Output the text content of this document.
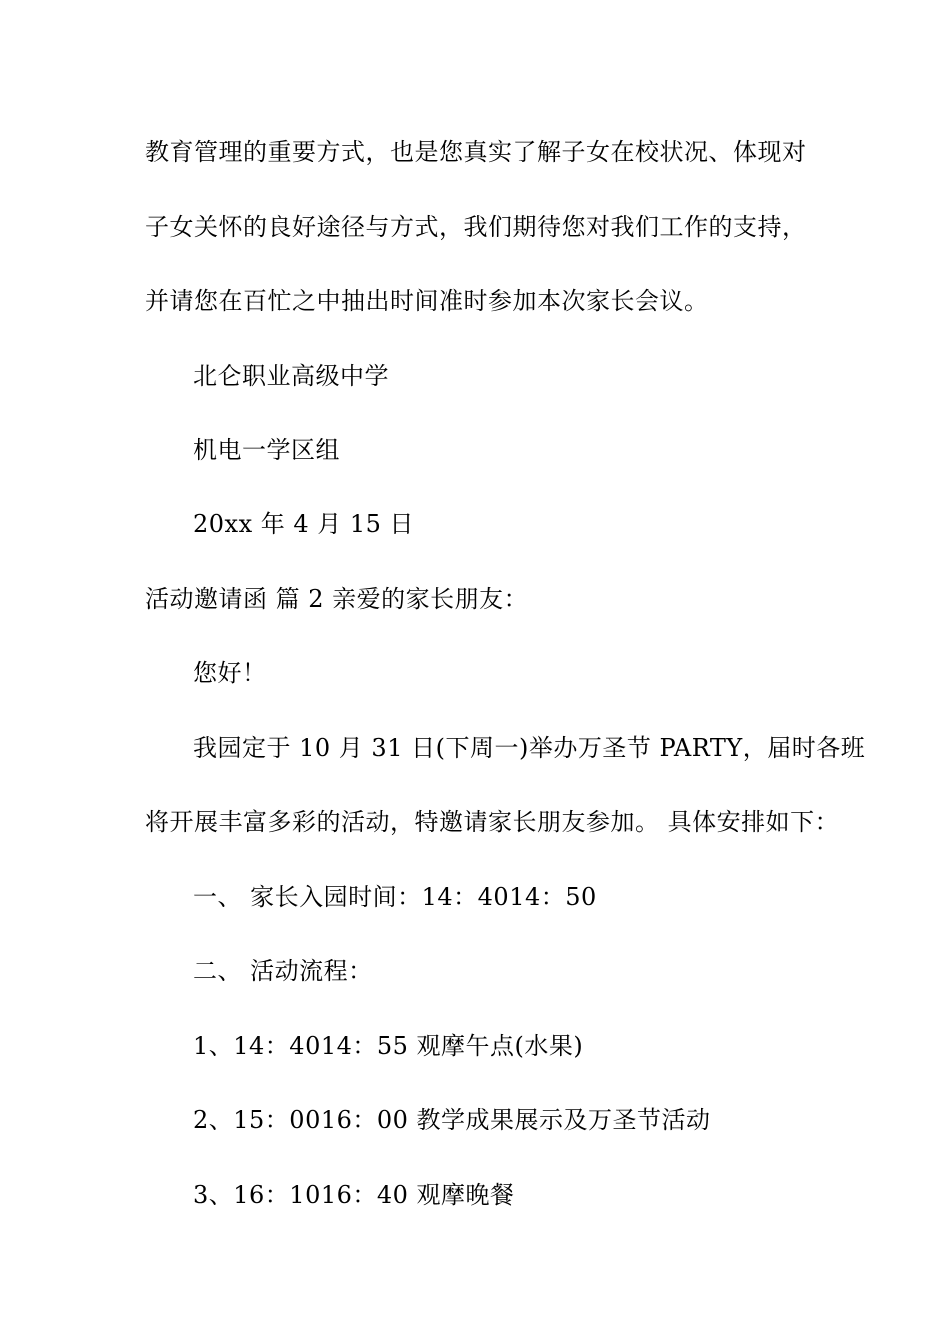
教育管理的重要方式，也是您真实了解子女在校状况、体现对
子女关怀的良好途径与方式，我们期待您对我们工作的支持，
并请您在百忙之中抽出时间准时参加本次家长会议。
北仑职业高级中学
机电一学区组
20xx 年 4 月 15 日
活动邀请函 篇 2 亲爱的家长朋友：
您好！
我园定于 10 月 31 日(下周一)举办万圣节 PARTY，届时各班
将开展丰富多彩的活动，特邀请家长朋友参加。 具体安排如下：
一、 家长入园时间：14：4014：50
二、 活动流程：
1、14：4014：55 观摩午点(水果)
2、15：0016：00 教学成果展示及万圣节活动
3、16：1016：40 观摩晚餐
